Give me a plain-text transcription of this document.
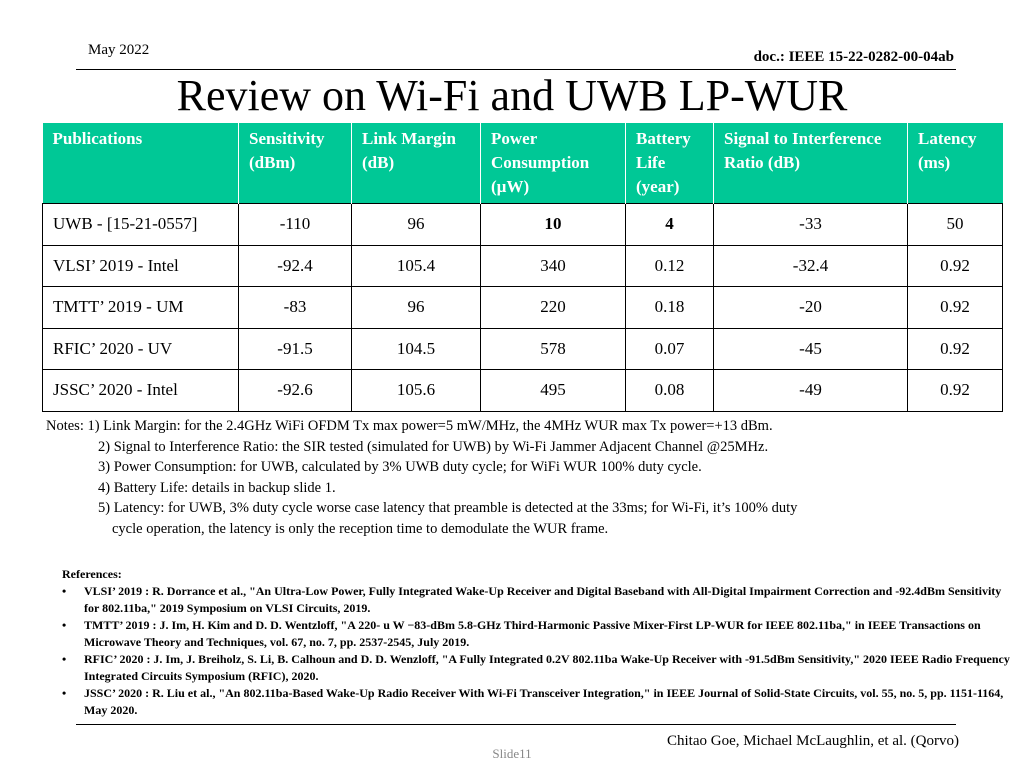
May 2022	doc.: IEEE 15-22-0282-00-04ab
Review on Wi-Fi and UWB LP-WUR
Publications	Sensitivity (dBm)	Link Margin (dB)	Power Consumption (µW)	Battery Life (year)	Signal to Interference Ratio (dB)	Latency (ms)
UWB - [15-21-0557]	-110	96	10	4	-33	50
VLSI’ 2019 - Intel	-92.4	105.4	340	0.12	-32.4	0.92
TMTT’ 2019 - UM	-83	96	220	0.18	-20	0.92
RFIC’ 2020 - UV	-91.5	104.5	578	0.07	-45	0.92
JSSC’ 2020 - Intel	-92.6	105.6	495	0.08	-49	0.92
Notes: 1) Link Margin: for the 2.4GHz WiFi OFDM Tx max power=5 mW/MHz, the 4MHz WUR max Tx power=+13 dBm.
2) Signal to Interference Ratio: the SIR tested (simulated for UWB) by Wi-Fi Jammer Adjacent Channel @25MHz.
3) Power Consumption: for UWB, calculated by 3% UWB duty cycle; for WiFi WUR 100% duty cycle.
4) Battery Life: details in backup slide 1.
5) Latency: for UWB, 3% duty cycle worse case latency that preamble is detected at the 33ms; for Wi-Fi, it’s 100% duty
cycle operation, the latency is only the reception time to demodulate the WUR frame.
References:
• VLSI’ 2019 : R. Dorrance et al., "An Ultra-Low Power, Fully Integrated Wake-Up Receiver and Digital Baseband with All-Digital Impairment Correction and -92.4dBm Sensitivity for 802.11ba," 2019 Symposium on VLSI Circuits, 2019.
• TMTT’ 2019 : J. Im, H. Kim and D. D. Wentzloff, "A 220- u W −83-dBm 5.8-GHz Third-Harmonic Passive Mixer-First LP-WUR for IEEE 802.11ba," in IEEE Transactions on Microwave Theory and Techniques, vol. 67, no. 7, pp. 2537-2545, July 2019.
• RFIC’ 2020 : J. Im, J. Breiholz, S. Li, B. Calhoun and D. D. Wenzloff, "A Fully Integrated 0.2V 802.11ba Wake-Up Receiver with -91.5dBm Sensitivity," 2020 IEEE Radio Frequency Integrated Circuits Symposium (RFIC), 2020.
• JSSC’ 2020 : R. Liu et al., "An 802.11ba-Based Wake-Up Radio Receiver With Wi-Fi Transceiver Integration," in IEEE Journal of Solid-State Circuits, vol. 55, no. 5, pp. 1151-1164, May 2020.
Chitao Goe, Michael McLaughlin, et al. (Qorvo)
Slide11
